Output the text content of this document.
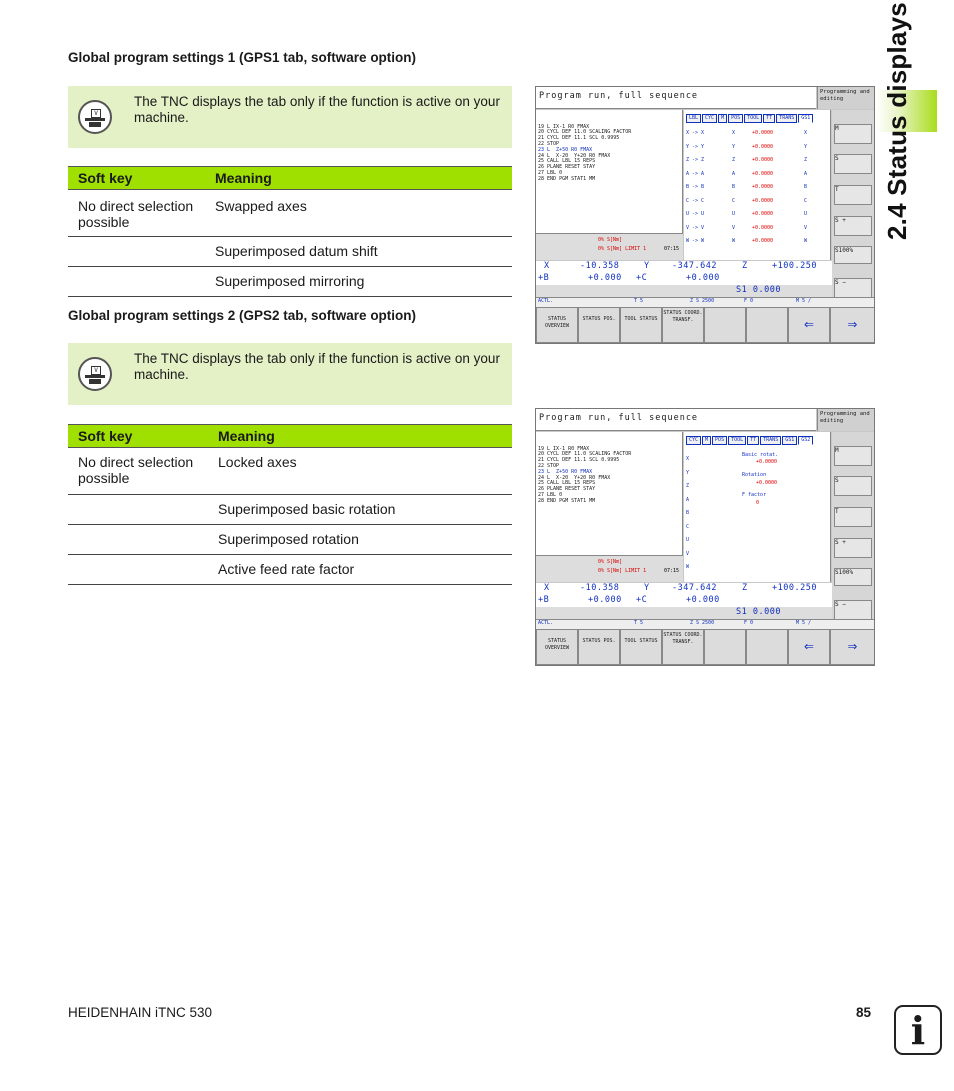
2.4 Status displays
Global program settings 1 (GPS1 tab, software option)
V
The TNC displays the tab only if the function is active on your machine.
Soft key	Meaning
No direct selection possible	Swapped axes
	Superimposed datum shift
	Superimposed mirroring
Global program settings 2 (GPS2 tab, software option)
V
The TNC displays the tab only if the function is active on your machine.
Soft key	Meaning
No direct selection possible	Locked axes
	Superimposed basic rotation
	Superimposed rotation
	Active feed rate factor
Program run, full sequence	Programming and editing

19 L IX-1 R0 FMAX
20 CYCL DEF 11.0 SCALING FACTOR
21 CYCL DEF 11.1 SCL 0.9995
22 STOP
23 L  Z+50 R0 FMAX
24 L  X-20  Y+20 R0 FMAX
25 CALL LBL 15 REPS
26 PLANE RESET STAY
27 LBL 0
28 END PGM STAT1 MM

0% S[Nm]

0% S[Nm] LIMIT 1

	07:15

LBL	CYC	M	POS	TOOL	TT	TRANS	GS1
X -> X	X	+0.0000	X
Y -> Y	Y	+0.0000	Y
Z -> Z	Z	+0.0000	Z
A -> A	A	+0.0000	A
B -> B	B	+0.0000	B
C -> C	C	+0.0000	C
U -> U	U	+0.0000	U
V -> V	V	+0.0000	V
W -> W	W	+0.0000	W
M
S
T
S +
S100%
S −
X	-10.358	Y	-347.642	Z	+100.250
+B	+0.000 +C	+0.000
S1 0.000
ACTL.	T 5	Z S 2500	F 0	M 5 /
STATUS OVERVIEW
STATUS POS.	TOOL STATUS
STATUS COORD. TRANSF.	⇐	⇒
Program run, full sequence	Programming and editing

19 L IX-1 R0 FMAX
20 CYCL DEF 11.0 SCALING FACTOR
21 CYCL DEF 11.1 SCL 0.9995
22 STOP
23 L  Z+50 R0 FMAX
24 L  X-20  Y+20 R0 FMAX
25 CALL LBL 15 REPS
26 PLANE RESET STAY
27 LBL 0
28 END PGM STAT1 MM

0% S[Nm]

0% S[Nm] LIMIT 1

	07:15

CYC	M	POS	TOOL	TT	TRANS	GS1	GS2
X
Y
Z
A
B
C
U
V
W
Basic rotat.
+0.0000
Rotation
+0.0000
F factor
0
M
S
T
S +
S100%
S −
X	-10.358	Y	-347.642	Z	+100.250
+B	+0.000 +C	+0.000
S1 0.000
ACTL.	T 5	Z S 2500	F 0	M 5 /
STATUS OVERVIEW
STATUS POS.	TOOL STATUS
STATUS COORD. TRANSF.	⇐	⇒
HEIDENHAIN iTNC 530	85	i
